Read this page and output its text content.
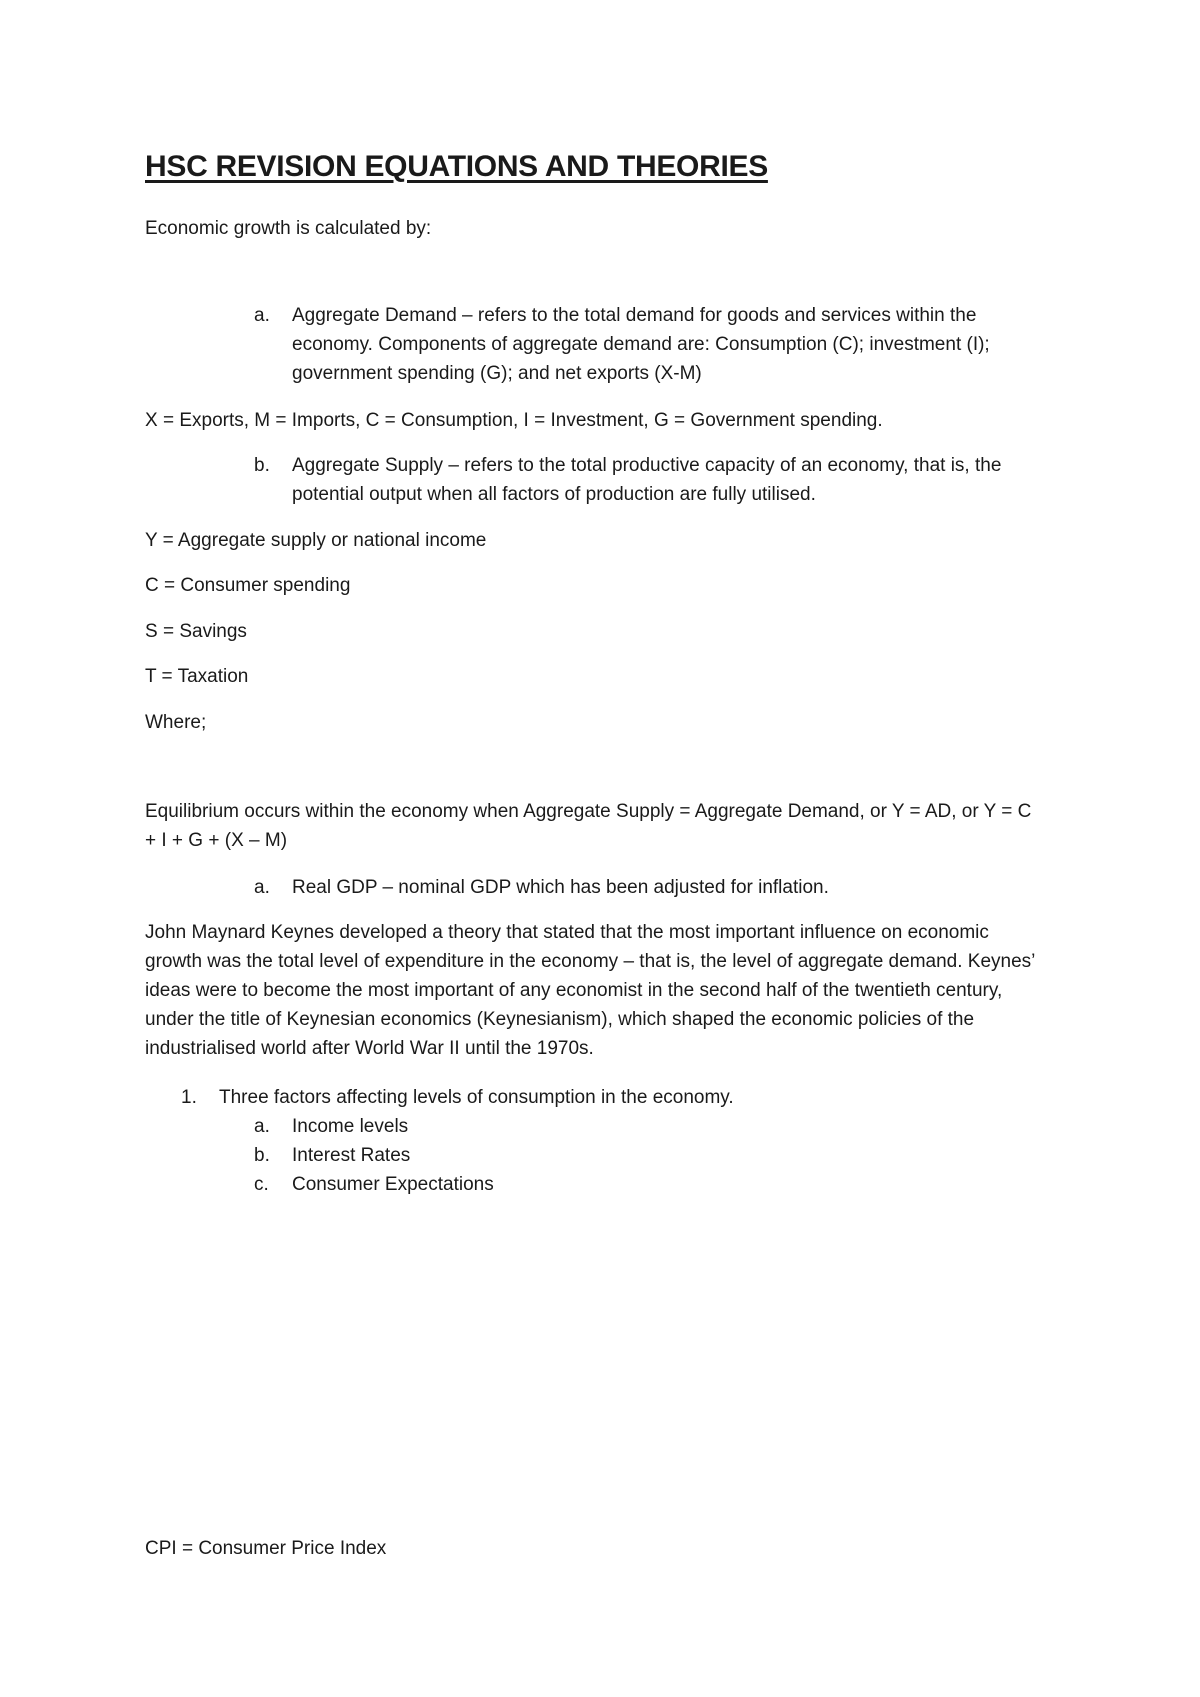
HSC REVISION EQUATIONS AND THEORIES
Economic growth is calculated by:
a.	Aggregate Demand – refers to the total demand for goods and services within the economy. Components of aggregate demand are: Consumption (C); investment (I); government spending (G); and net exports (X-M)
X = Exports, M = Imports, C = Consumption, I = Investment, G = Government spending.
b.	Aggregate Supply – refers to the total productive capacity of an economy, that is, the potential output when all factors of production are fully utilised.
Y = Aggregate supply or national income
C = Consumer spending
S = Savings
T = Taxation
Where;
Equilibrium occurs within the economy when Aggregate Supply = Aggregate Demand, or Y = AD, or Y = C + I + G + (X – M)
a.	Real GDP – nominal GDP which has been adjusted for inflation.
John Maynard Keynes developed a theory that stated that the most important influence on economic growth was the total level of expenditure in the economy – that is, the level of aggregate demand. Keynes’ ideas were to become the most important of any economist in the second half of the twentieth century, under the title of Keynesian economics (Keynesianism), which shaped the economic policies of the industrialised world after World War II until the 1970s.
1. Three factors affecting levels of consumption in the economy.
a.	Income levels
b.	Interest Rates
c.	Consumer Expectations
CPI = Consumer Price Index
